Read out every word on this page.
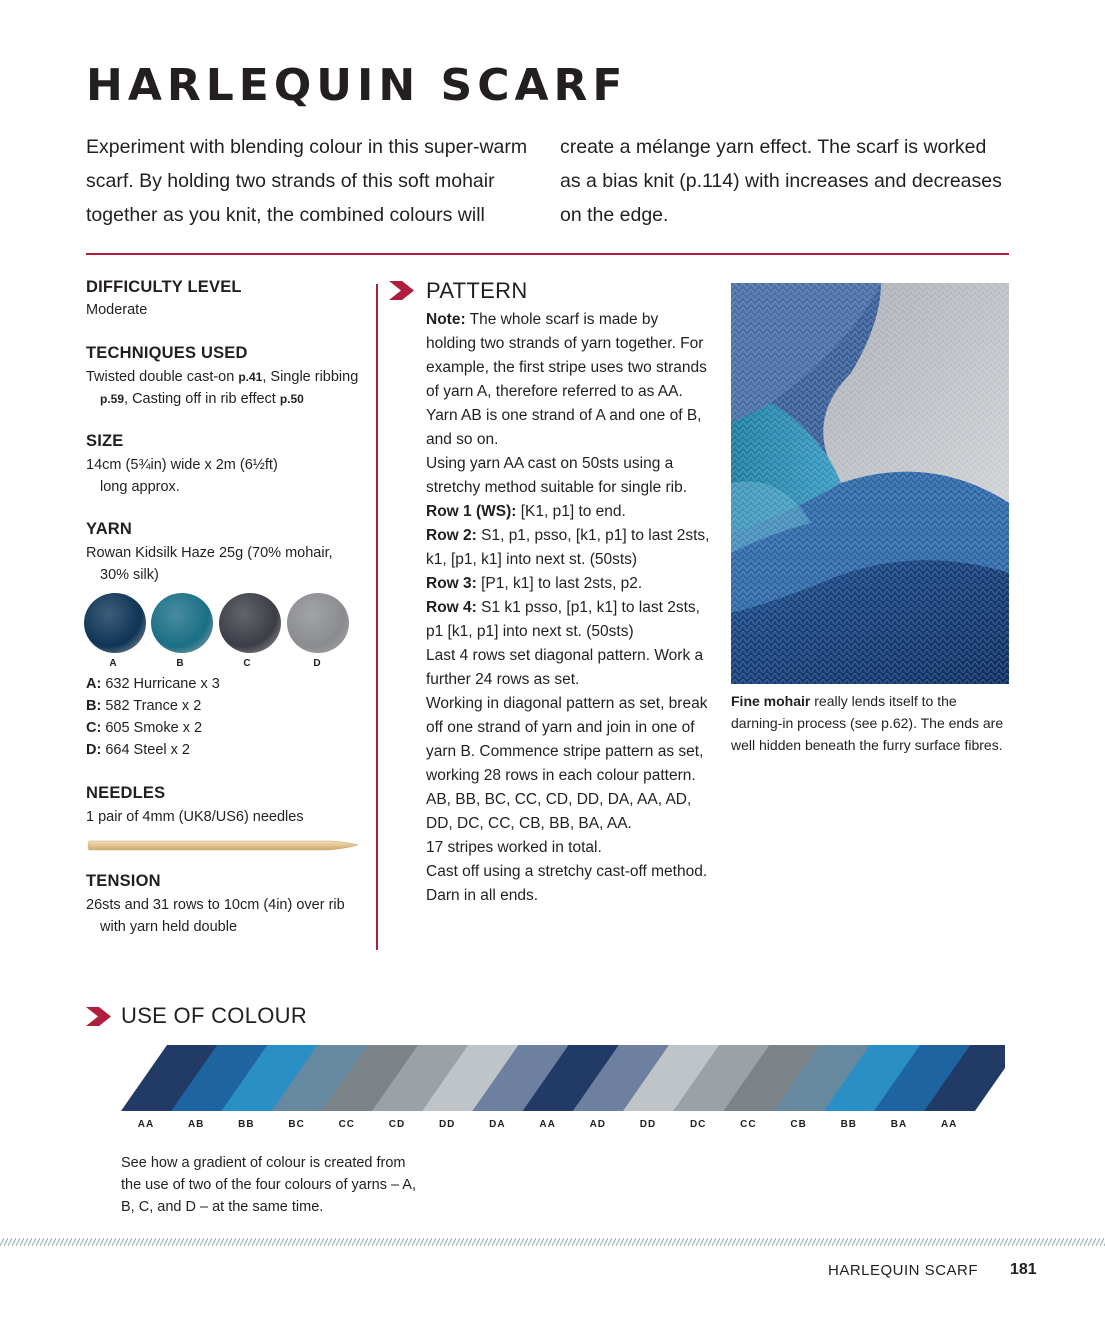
HARLEQUIN SCARF
Experiment with blending colour in this super-warm scarf. By holding two strands of this soft mohair together as you knit, the combined colours will
create a mélange yarn effect. The scarf is worked as a bias knit (p.114) with increases and decreases on the edge.
DIFFICULTY LEVEL
Moderate
TECHNIQUES USED
Twisted double cast-on p.41, Single ribbing
p.59, Casting off in rib effect p.50
SIZE
14cm (5¾in) wide x 2m (6½ft)
long approx.
YARN
Rowan Kidsilk Haze 25g (70% mohair,
30% silk)
A	B	C	D
A: 632 Hurricane x 3
B: 582 Trance x 2
C: 605 Smoke x 2
D: 664 Steel x 2
NEEDLES
1 pair of 4mm (UK8/US6) needles
TENSION
26sts and 31 rows to 10cm (4in) over rib
with yarn held double
PATTERN
Note: The whole scarf is made by holding two strands of yarn together. For example, the first stripe uses two strands of yarn A, therefore referred to as AA. Yarn AB is one strand of A and one of B, and so on.
Using yarn AA cast on 50sts using a stretchy method suitable for single rib.
Row 1 (WS): [K1, p1] to end.
Row 2: S1, p1, psso, [k1, p1] to last 2sts, k1, [p1, k1] into next st. (50sts)
Row 3: [P1, k1] to last 2sts, p2.
Row 4: S1 k1 psso, [p1, k1] to last 2sts, p1 [k1, p1] into next st. (50sts)
Last 4 rows set diagonal pattern. Work a further 24 rows as set.
Working in diagonal pattern as set, break off one strand of yarn and join in one of yarn B. Commence stripe pattern as set, working 28 rows in each colour pattern.
AB, BB, BC, CC, CD, DD, DA, AA, AD, DD, DC, CC, CB, BB, BA, AA.
17 stripes worked in total.
Cast off using a stretchy cast-off method. Darn in all ends.
Fine mohair really lends itself to the darning-in process (see p.62). The ends are well hidden beneath the furry surface fibres.
USE OF COLOUR
AA	AB	BB	BC	CC	CD	DD	DA	AA	AD	DD	DC	CC	CB	BB	BA	AA
See how a gradient of colour is created from the use of two of the four colours of yarns – A, B, C, and D – at the same time.
HARLEQUIN SCARF 181
